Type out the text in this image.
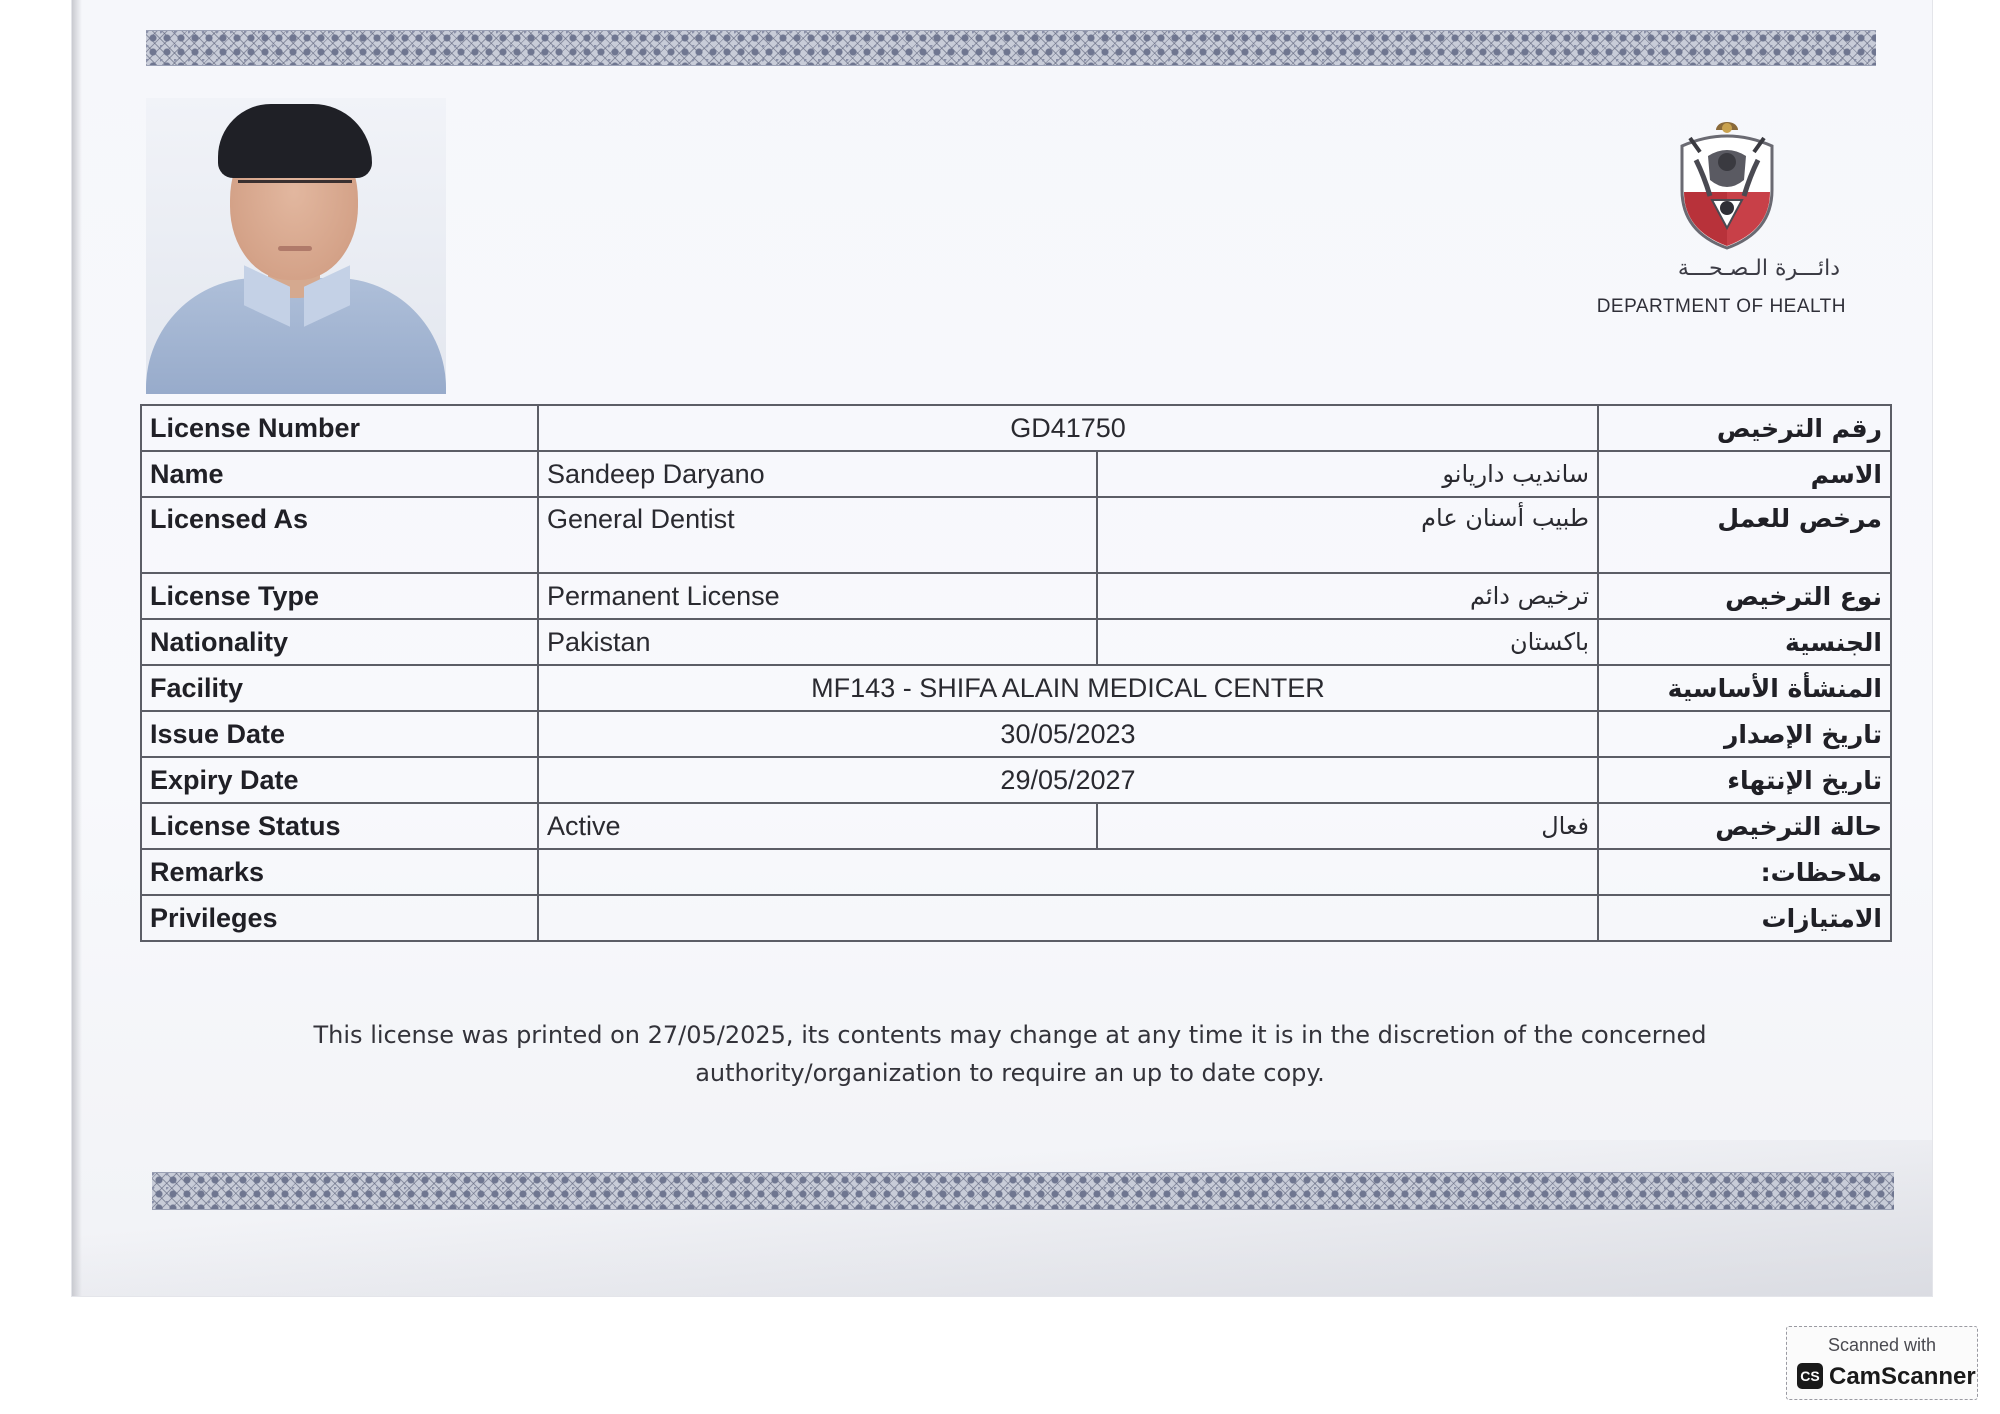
دائـــرة الـصـحـــة
DEPARTMENT OF HEALTH
License Number	GD41750		رقم الترخيص
Name	Sandeep Daryano	سانديب داريانو	الاسم
Licensed As	General Dentist	طبيب أسنان عام	مرخص للعمل
License Type	Permanent License	ترخيص دائم	نوع الترخيص
Nationality	Pakistan	باكستان	الجنسية
Facility	MF143 - SHIFA ALAIN MEDICAL CENTER		المنشأة الأساسية
Issue Date	30/05/2023		تاريخ الإصدار
Expiry Date	29/05/2027		تاريخ الإنتهاء
License Status	Active	فعال	حالة الترخيص
Remarks			ملاحظات:
Privileges			الامتيازات
This license was printed on 27/05/2025, its contents may change at any time it is in the discretion of the concerned
authority/organization to require an up to date copy.
Scanned with
CS CamScanner
